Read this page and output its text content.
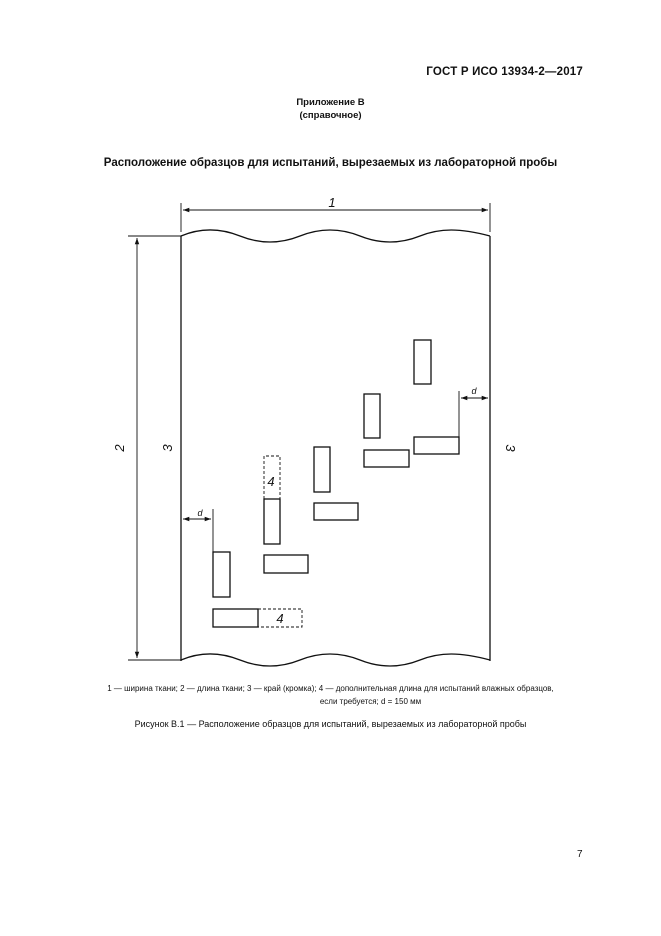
ГОСТ Р ИСО 13934-2—2017
Приложение В
(справочное)
Расположение образцов для испытаний, вырезаемых из лабораторной пробы
1
2	3	3
d
d
4
4
1 — ширина ткани; 2 — длина ткани; 3 — край (кромка); 4 — дополнительная длина для испытаний влажных образцов,
если требуется; d = 150 мм
Рисунок В.1 — Расположение образцов для испытаний, вырезаемых из лабораторной пробы
7
